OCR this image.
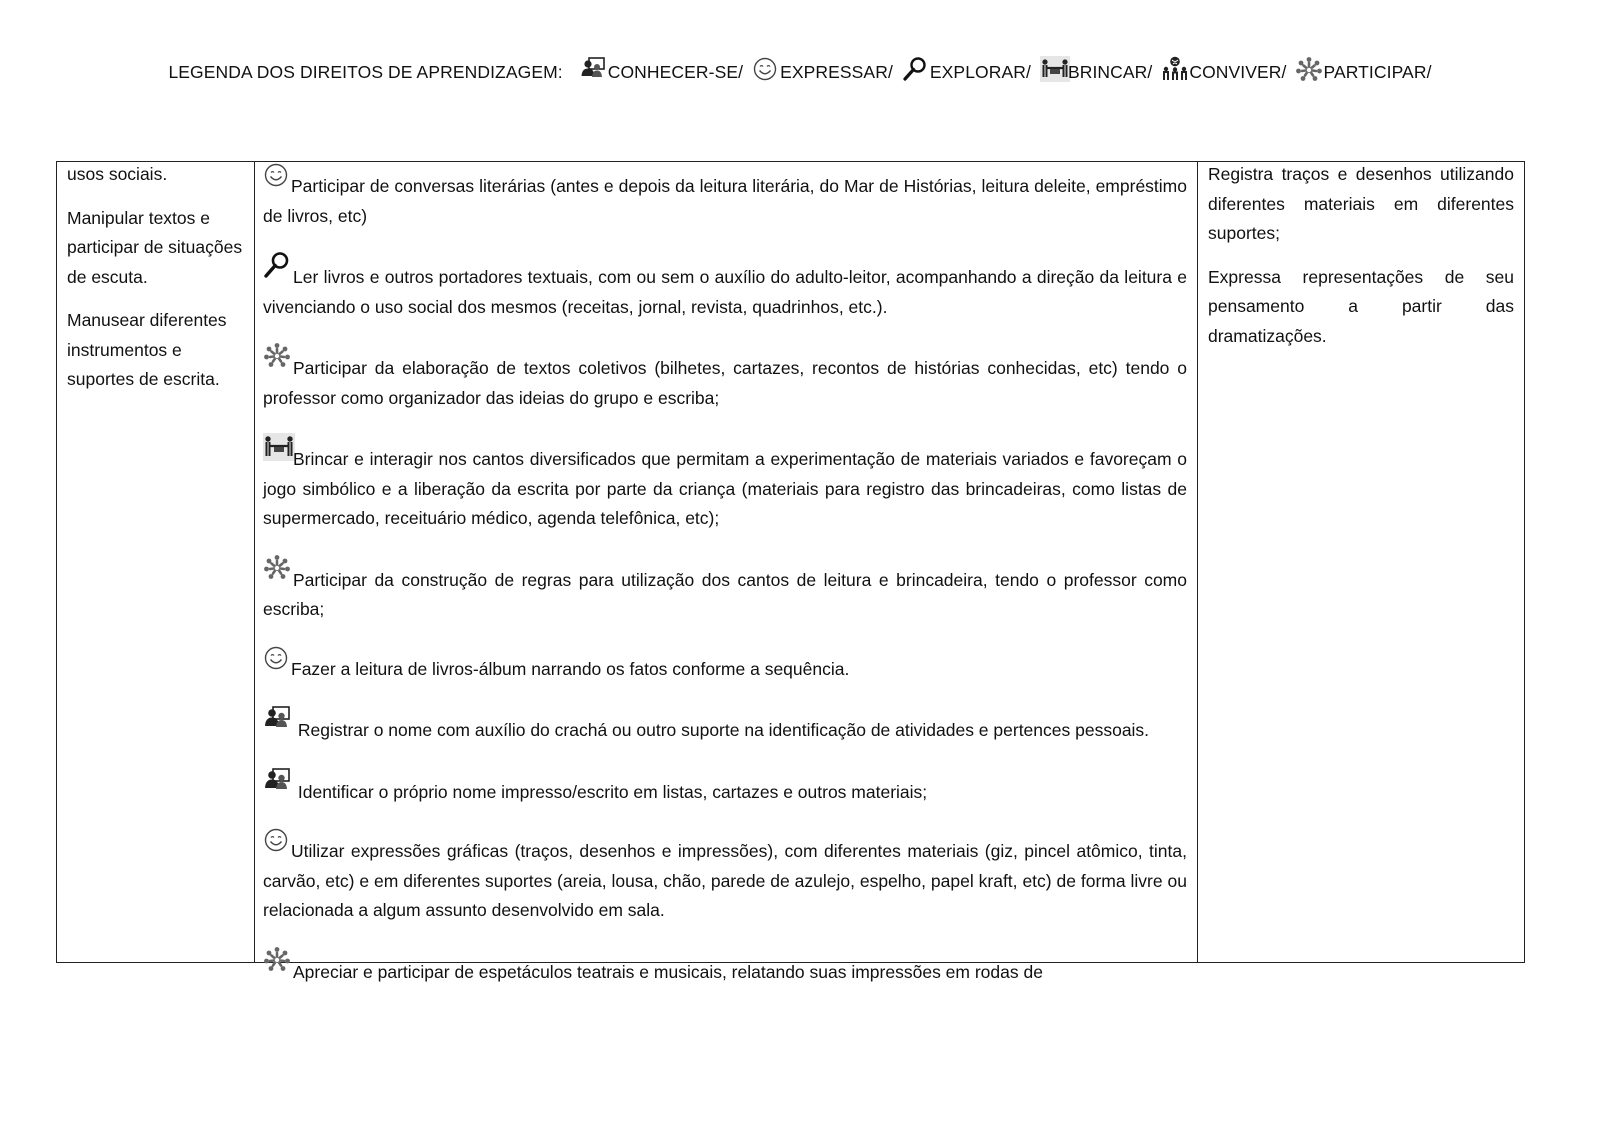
LEGENDA DOS DIREITOS DE APRENDIZAGEM:	CONHECER-SE/ EXPRESSAR/ EXPLORAR/ BRINCAR/ CONVIVER/ PARTICIPAR/

usos sociais.

Manipular textos e participar de situações de escuta.

Manusear diferentes instrumentos e suportes de escrita.

Participar de conversas literárias (antes e depois da leitura literária, do Mar de Histórias, leitura deleite, empréstimo de livros, etc)

Ler livros e outros portadores textuais, com ou sem o auxílio do adulto-leitor, acompanhando a direção da leitura e vivenciando o uso social dos mesmos (receitas, jornal, revista, quadrinhos, etc.).

Participar da elaboração de textos coletivos (bilhetes, cartazes, recontos de histórias conhecidas, etc) tendo o professor como organizador das ideias do grupo e escriba;

Brincar e interagir nos cantos diversificados que permitam a experimentação de materiais variados e favoreçam o jogo simbólico e a liberação da escrita por parte da criança (materiais para registro das brincadeiras, como listas de supermercado, receituário médico, agenda telefônica, etc);

Participar da construção de regras para utilização dos cantos de leitura e brincadeira, tendo o professor como escriba;

Fazer a leitura de livros-álbum narrando os fatos conforme a sequência.

Registrar o nome com auxílio do crachá ou outro suporte na identificação de atividades e pertences pessoais.

Identificar o próprio nome impresso/escrito em listas, cartazes e outros materiais;

Utilizar expressões gráficas (traços, desenhos e impressões), com diferentes materiais (giz, pincel atômico, tinta, carvão, etc) e em diferentes suportes (areia, lousa, chão, parede de azulejo, espelho, papel kraft, etc) de forma livre ou relacionada a algum assunto desenvolvido em sala.

Apreciar e participar de espetáculos teatrais e musicais, relatando suas impressões em rodas de

Registra traços e desenhos utilizando diferentes materiais em diferentes suportes;

Expressa representações de seu pensamento a partir das dramatizações.
